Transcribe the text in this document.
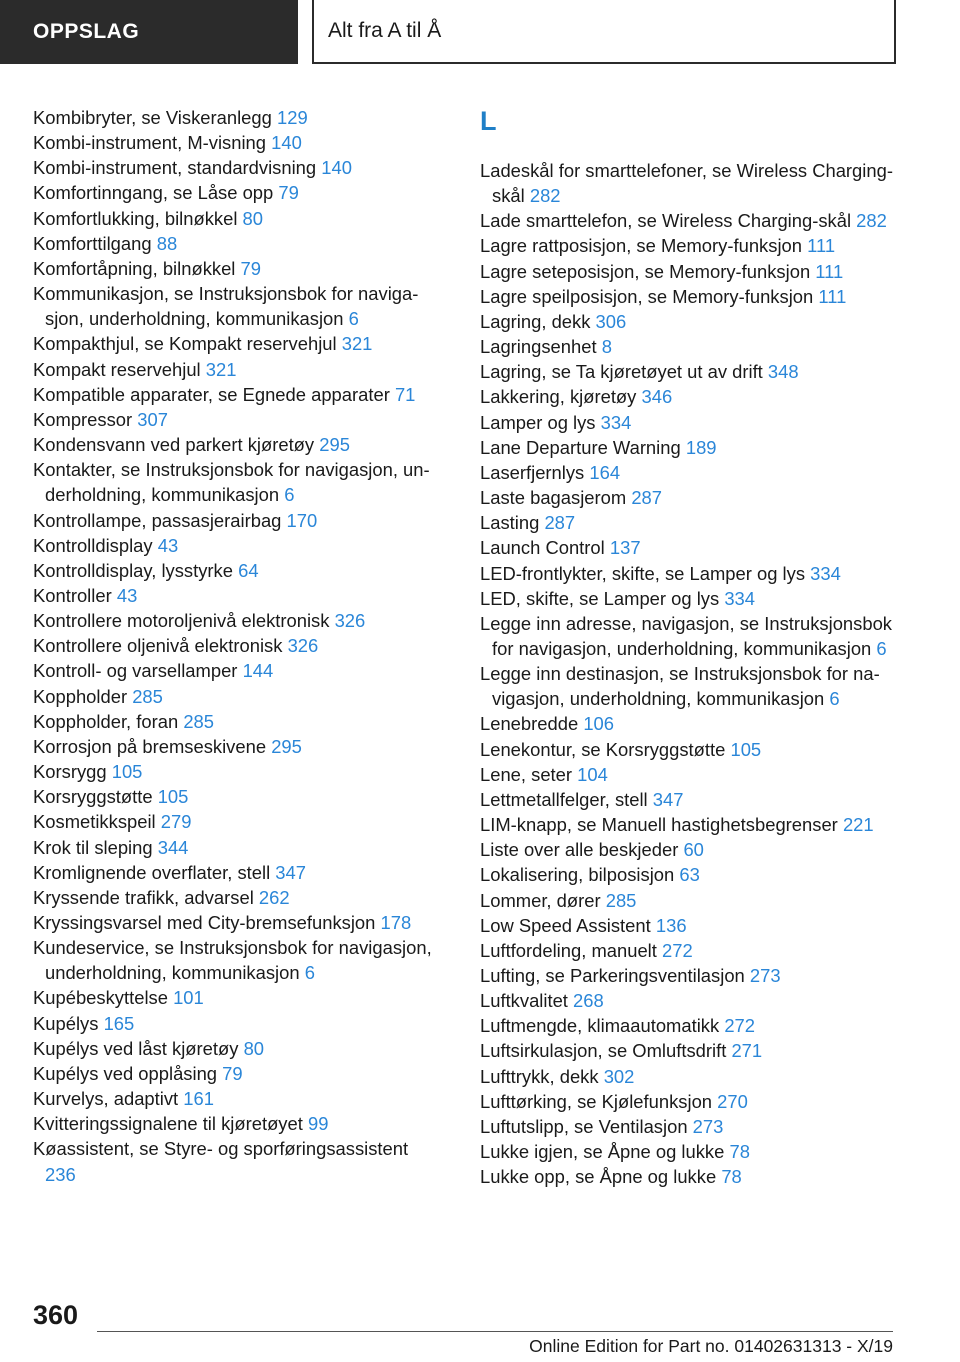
OPPSLAG	Alt fra A til Å
Kombibryter, se Viskeranlegg 129
Kombi-instrument, M-visning 140
Kombi-instrument, standardvisning 140
Komfortinngang, se Låse opp 79
Komfortlukking, bilnøkkel 80
Komforttilgang 88
Komfortåpning, bilnøkkel 79
Kommunikasjon, se Instruksjonsbok for navigasjon, underholdning, kommunikasjon 6
Kompakthjul, se Kompakt reservehjul 321
Kompakt reservehjul 321
Kompatible apparater, se Egnede apparater 71
Kompressor 307
Kondensvann ved parkert kjøretøy 295
Kontakter, se Instruksjonsbok for navigasjon, underholdning, kommunikasjon 6
Kontrollampe, passasjerairbag 170
Kontrolldisplay 43
Kontrolldisplay, lysstyrke 64
Kontroller 43
Kontrollere motoroljenivå elektronisk 326
Kontrollere oljenivå elektronisk 326
Kontroll- og varsellamper 144
Koppholder 285
Koppholder, foran 285
Korrosjon på bremseskivene 295
Korsrygg 105
Korsryggstøtte 105
Kosmetikkspeil 279
Krok til sleping 344
Kromlignende overflater, stell 347
Kryssende trafikk, advarsel 262
Kryssingsvarsel med City-bremsefunksjon 178
Kundeservice, se Instruksjonsbok for navigasjon, underholdning, kommunikasjon 6
Kupébeskyttelse 101
Kupélys 165
Kupélys ved låst kjøretøy 80
Kupélys ved opplåsing 79
Kurvelys, adaptivt 161
Kvitteringssignalene til kjøretøyet 99
Køassistent, se Styre- og sporføringsassistent 236
L
Ladeskål for smarttelefoner, se Wireless Charging-skål 282
Lade smarttelefon, se Wireless Charging-skål 282
Lagre rattposisjon, se Memory-funksjon 111
Lagre seteposisjon, se Memory-funksjon 111
Lagre speilposisjon, se Memory-funksjon 111
Lagring, dekk 306
Lagringsenhet 8
Lagring, se Ta kjøretøyet ut av drift 348
Lakkering, kjøretøy 346
Lamper og lys 334
Lane Departure Warning 189
Laserfjernlys 164
Laste bagasjerom 287
Lasting 287
Launch Control 137
LED-frontlykter, skifte, se Lamper og lys 334
LED, skifte, se Lamper og lys 334
Legge inn adresse, navigasjon, se Instruksjonsbok for navigasjon, underholdning, kommunikasjon 6
Legge inn destinasjon, se Instruksjonsbok for navigasjon, underholdning, kommunikasjon 6
Lenebredde 106
Lenekontur, se Korsryggstøtte 105
Lene, seter 104
Lettmetallfelger, stell 347
LIM-knapp, se Manuell hastighetsbegrenser 221
Liste over alle beskjeder 60
Lokalisering, bilposisjon 63
Lommer, dører 285
Low Speed Assistent 136
Luftfordeling, manuelt 272
Lufting, se Parkeringsventilasjon 273
Luftkvalitet 268
Luftmengde, klimaautomatikk 272
Luftsirkulasjon, se Omluftsdrift 271
Lufttrykk, dekk 302
Lufttørking, se Kjølefunksjon 270
Luftutslipp, se Ventilasjon 273
Lukke igjen, se Åpne og lukke 78
Lukke opp, se Åpne og lukke 78
360
Online Edition for Part no. 01402631313 - X/19
